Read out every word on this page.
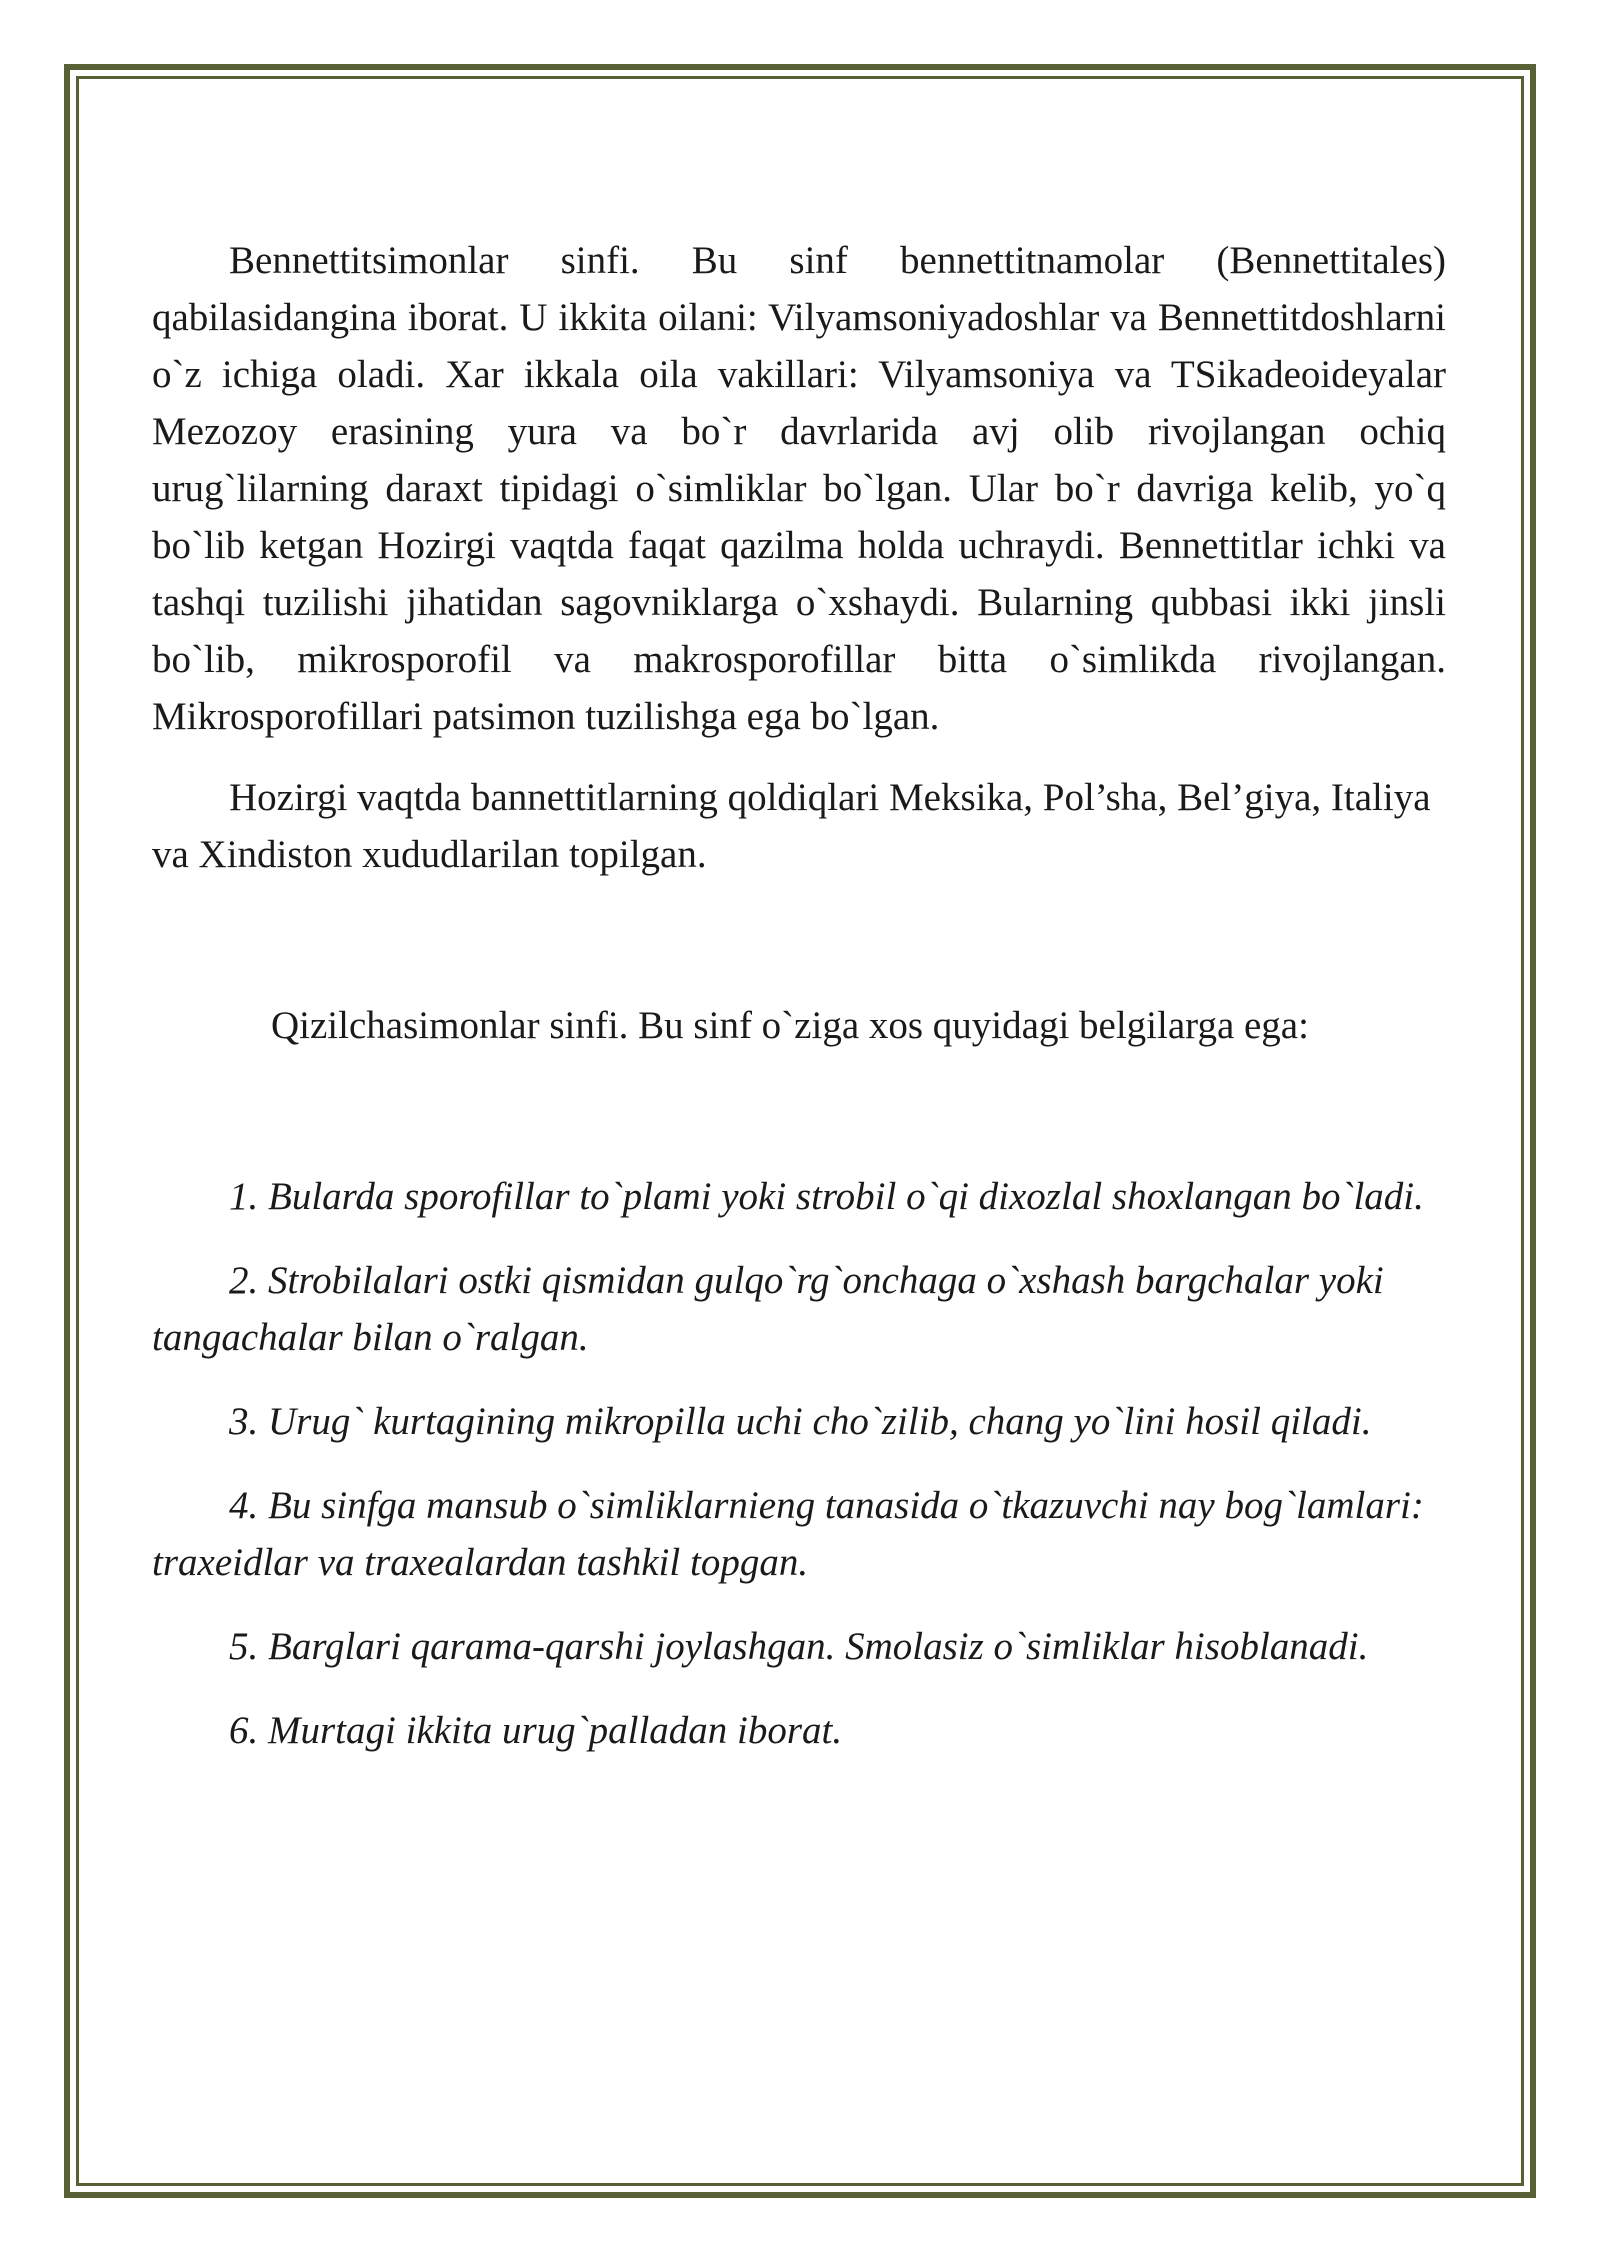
Bennettitsimonlar sinfi. Bu sinf bennettitnamolar (Bennettitales) qabilasidangina iborat. U ikkita oilani: Vilyamsoniyadoshlar va Bennettitdoshlarni o`z ichiga oladi. Xar ikkala oila vakillari: Vilyamsoniya va TSikadeoideyalar Mezozoy erasining yura va bo`r davrlarida avj olib rivojlangan ochiq urug`lilarning daraxt tipidagi o`simliklar bo`lgan. Ular bo`r davriga kelib, yo`q bo`lib ketgan Hozirgi vaqtda faqat qazilma holda uchraydi. Bennettitlar ichki va tashqi tuzilishi jihatidan sagovniklarga o`xshaydi. Bularning qubbasi ikki jinsli bo`lib, mikrosporofil va makrosporofillar bitta o`simlikda rivojlangan. Mikrosporofillari patsimon tuzilishga ega bo`lgan.

Hozirgi vaqtda bannettitlarning qoldiqlari Meksika, Pol’sha, Bel’giya, Italiya va Xindiston xududlarilan topilgan.

Qizilchasimonlar sinfi. Bu sinf o`ziga xos quyidagi belgilarga ega:

1. Bularda sporofillar to`plami yoki strobil o`qi dixozlal shoxlangan bo`ladi.
2. Strobilalari ostki qismidan gulqo`rg`onchaga o`xshash bargchalar yoki tangachalar bilan o`ralgan.
3. Urug` kurtagining mikropilla uchi cho`zilib, chang yo`lini hosil qiladi.
4. Bu sinfga mansub o`simliklarnieng tanasida o`tkazuvchi nay bog`lamlari: traxeidlar va traxealardan tashkil topgan.
5. Barglari qarama-qarshi joylashgan. Smolasiz o`simliklar hisoblanadi.
6. Murtagi ikkita urug`palladan iborat.
